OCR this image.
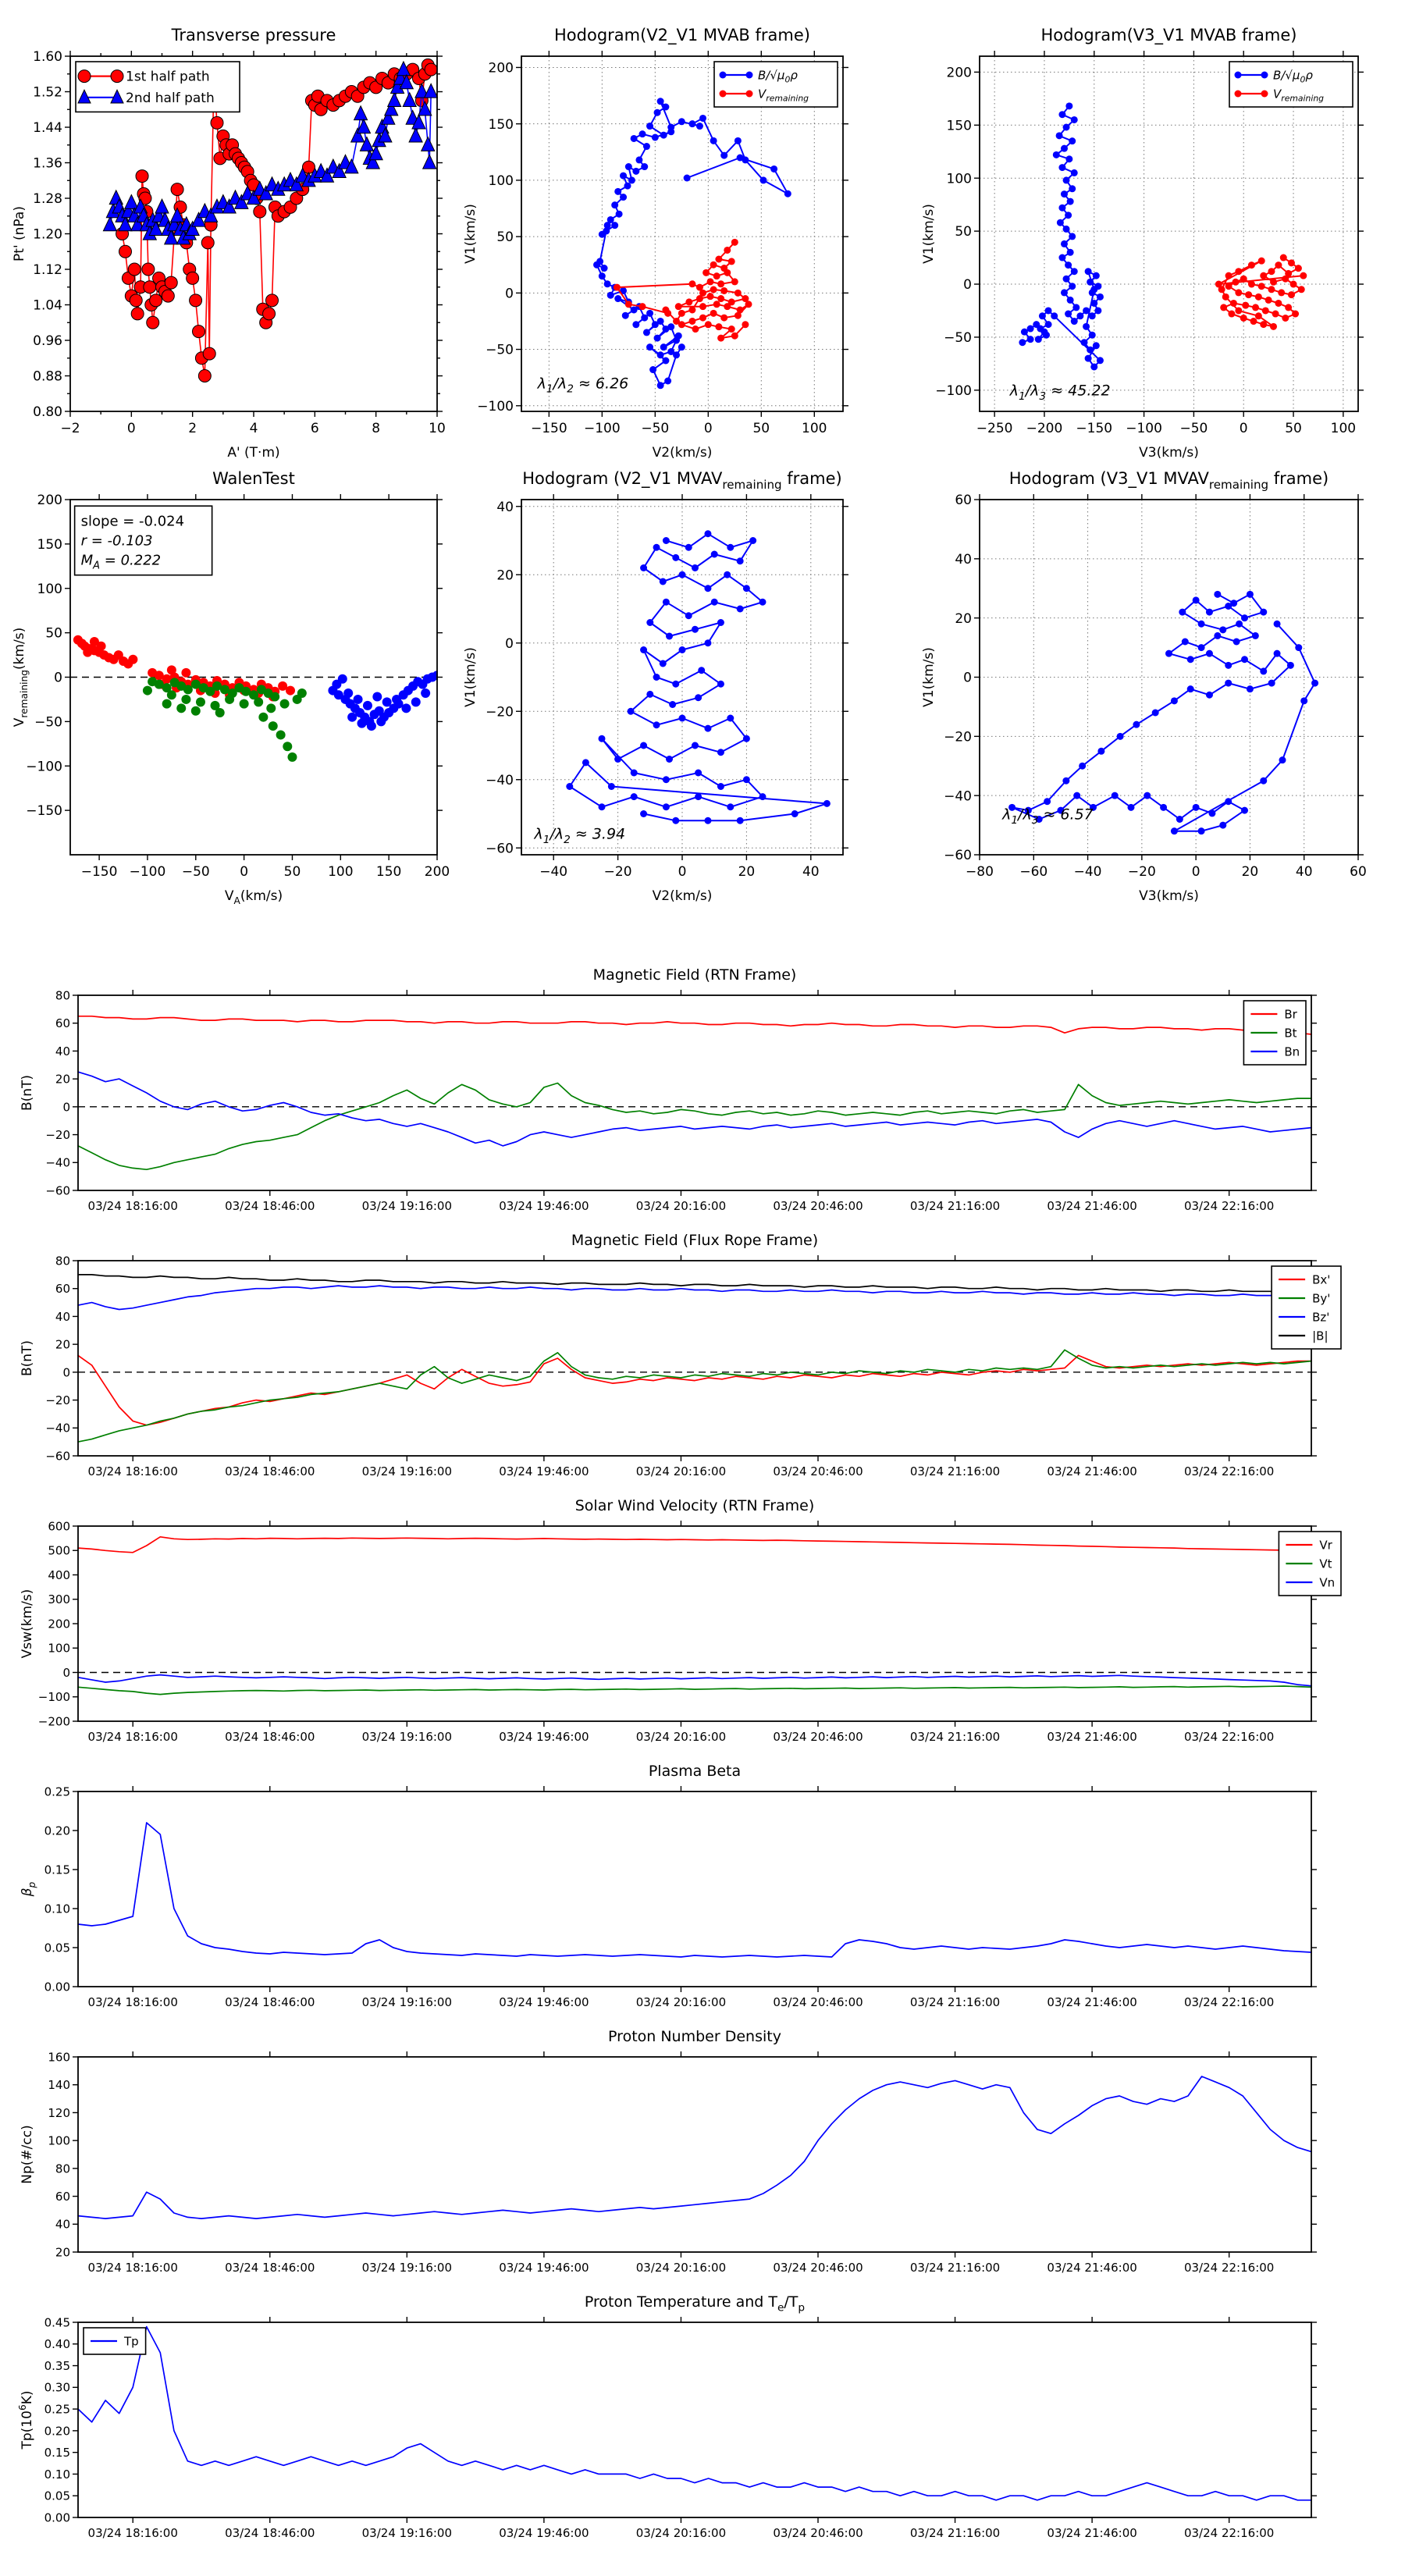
−2	0	2	4	6	8	10
0.80
0.88
0.96
1.04
1.12
1.20
1.28
1.36
1.44
1.52
1.60
Transverse pressure
A' (T·m)
Pt' (nPa)
1st half path
2nd half path
−150 −100 −50	0	50 100
−100
−50
0
50
100
150
200
Hodogram(V2_V1 MVAB frame)
V2(km/s)
V1(km/s)
$B/√\mu_0\rho$
$V_{remaining}$
$\lambda_1/\lambda_2 \approx 6.26$
−250 −200 −150 −100 −50 0	50 100
−100
−50
0
50
100
150
200
Hodogram(V3_V1 MVAB frame)
V3(km/s)
V1(km/s)
$B/√\mu_0\rho$
$V_{remaining}$
$\lambda_1/\lambda_3 \approx 45.22$
−150 −100 −50 0	50 100 150 200
−150
−100
−50
0
50
100
150
200
WalenTest
$V_A(km/s)$
$V_{remaining}(km/s)$
slope = -0.024
r = -0.103
$M_A = 0.222$
−40	−20	0	20	40
−60
−40
−20
0
20
40
Hodogram (V2_V1 $MVAV_{remaining}$ frame)
V2(km/s)
V1(km/s)
$\lambda_1/\lambda_2 \approx 3.94$
−80 −60 −40 −20	0	20	40	60
−60
−40
−20
0
20
40
60
Hodogram (V3_V1 $MVAV_{remaining}$ frame)
V3(km/s)
V1(km/s)
$\lambda_1/\lambda_3 \approx 6.57$
03/24 18:16:00	03/24 18:46:00	03/24 19:16:00	03/24 19:46:00	03/24 20:16:00	03/24 20:46:00	03/24 21:16:00	03/24 21:46:00	03/24 22:16:00
−60
−40
−20
0
20
40
60
80
Magnetic Field (RTN Frame)
B(nT)
Br
Bt
Bn
03/24 18:16:00	03/24 18:46:00	03/24 19:16:00	03/24 19:46:00	03/24 20:16:00	03/24 20:46:00	03/24 21:16:00	03/24 21:46:00	03/24 22:16:00
−60
−40
−20
0
20
40
60
80
Magnetic Field (Flux Rope Frame)
B(nT)
Bx'
By'
Bz'
|B|
03/24 18:16:00	03/24 18:46:00	03/24 19:16:00	03/24 19:46:00	03/24 20:16:00	03/24 20:46:00	03/24 21:16:00	03/24 21:46:00	03/24 22:16:00
−200
−100
0
100
200
300
400
500
600
Solar Wind Velocity (RTN Frame)
Vsw(km/s)
Vr
Vt
Vn
03/24 18:16:00	03/24 18:46:00	03/24 19:16:00	03/24 19:46:00	03/24 20:16:00	03/24 20:46:00	03/24 21:16:00	03/24 21:46:00	03/24 22:16:00
0.00
0.05
0.10
0.15
0.20
0.25
Plasma Beta
$\beta_p$
03/24 18:16:00	03/24 18:46:00	03/24 19:16:00	03/24 19:46:00	03/24 20:16:00	03/24 20:46:00	03/24 21:16:00	03/24 21:46:00	03/24 22:16:00
20
40
60
80
100
120
140
160
Proton Number Density
Np(#/cc)
03/24 18:16:00	03/24 18:46:00	03/24 19:16:00	03/24 19:46:00	03/24 20:16:00	03/24 20:46:00	03/24 21:16:00	03/24 21:46:00	03/24 22:16:00
0.00
0.05
0.10
0.15
0.20
0.25
0.30
0.35
0.40
0.45
Proton Temperature and $T_e/T_p$
$Tp(10^6K)$
Tp
